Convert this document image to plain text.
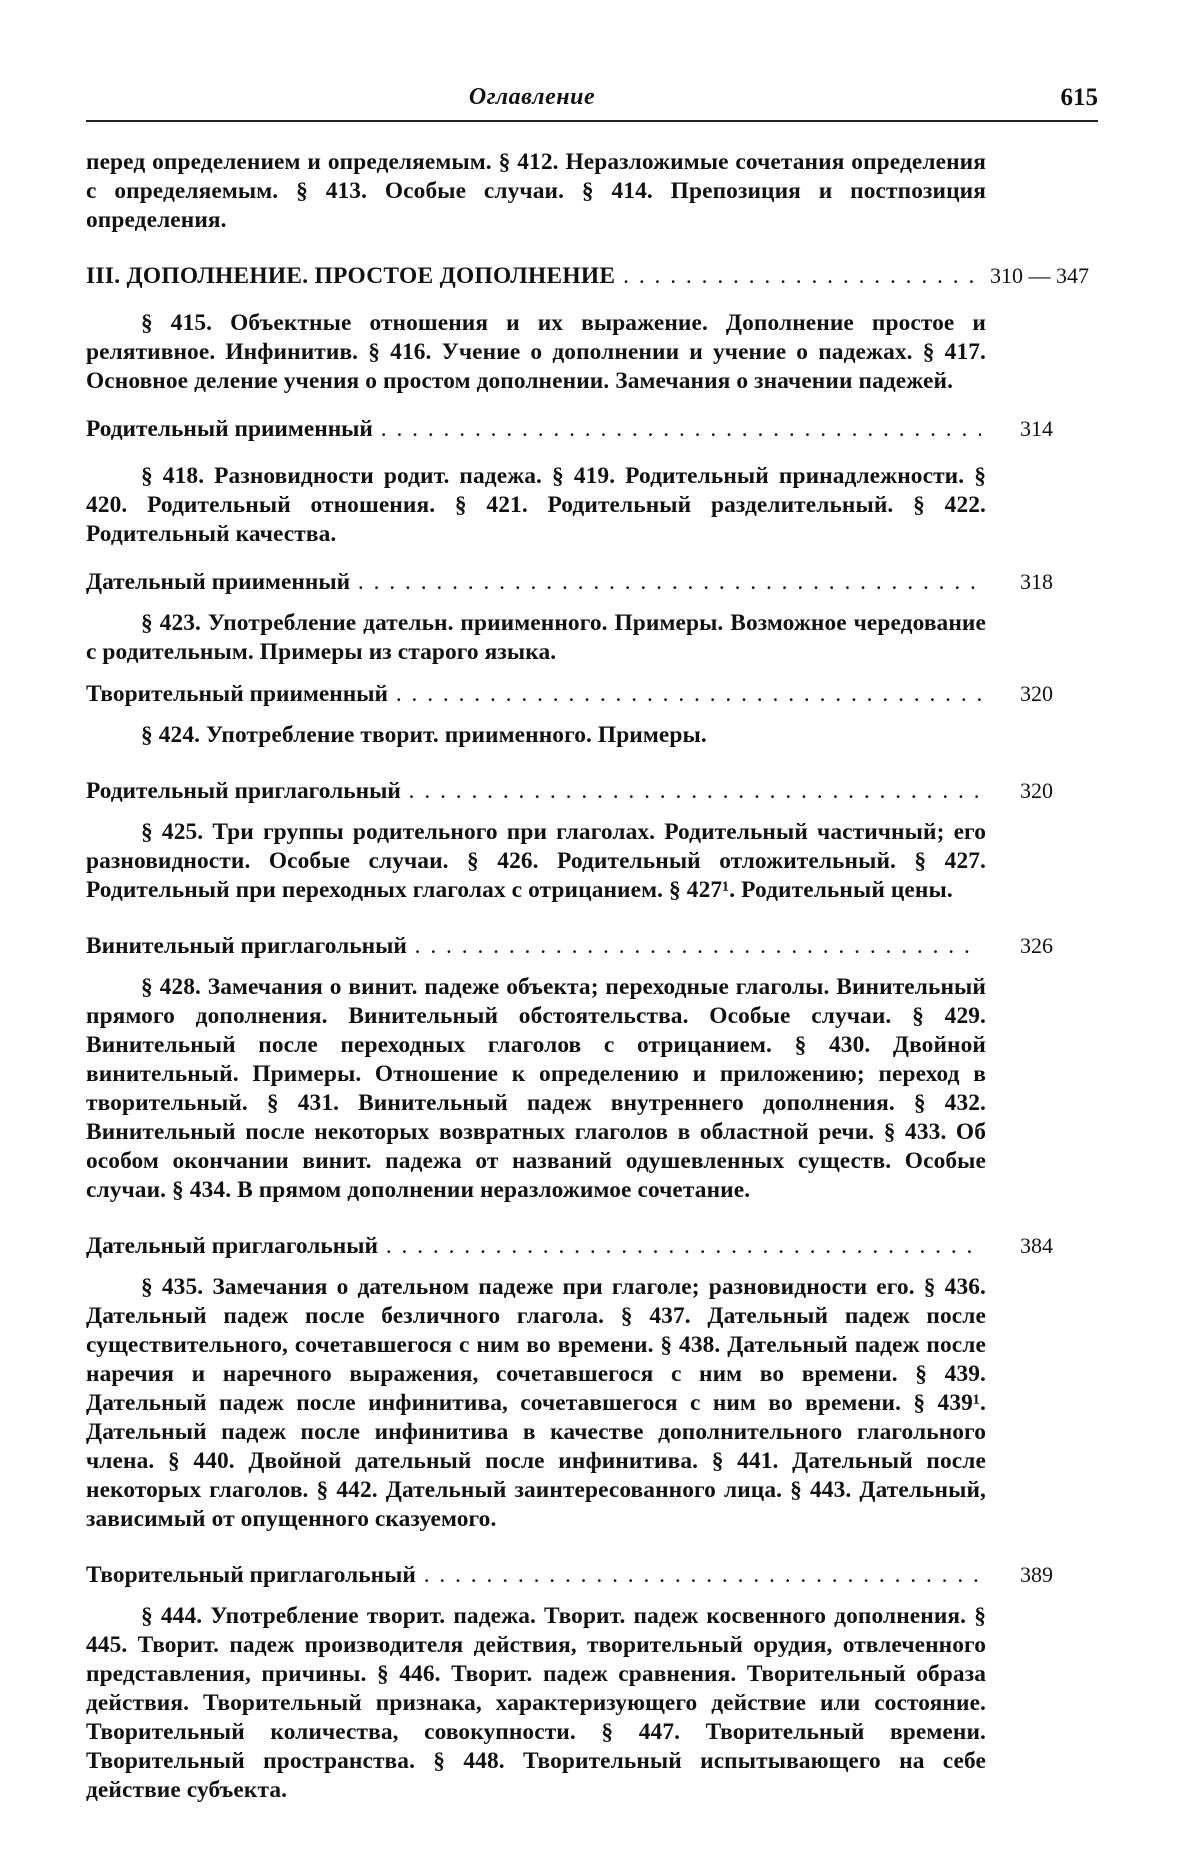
Оглавление	615

перед определением и определяемым. § 412. Неразложимые сочетания определения с определяемым. § 413. Особые случаи. § 414. Препозиция и постпозиция определения.

III. ДОПОЛНЕНИЕ. ПРОСТОЕ ДОПОЛНЕНИЕ . . .	310 — 347

§ 415. Объектные отношения и их выражение. Дополнение простое и релятивное. Инфинитив. § 416. Учение о дополнении и учение о падежах. § 417. Основное деление учения о простом дополнении. Замечания о значении падежей.

Родительный приименный . . .	314

§ 418. Разновидности родит. падежа. § 419. Родительный принадлежности. § 420. Родительный отношения. § 421. Родительный разделительный. § 422. Родительный качества.

Дательный приименный . . .	318

§ 423. Употребление дательн. приименного. Примеры. Возможное чередование с родительным. Примеры из старого языка.

Творительный приименный . . .	320

§ 424. Употребление творит. приименного. Примеры.

Родительный приглагольный . . .	320

§ 425. Три группы родительного при глаголах. Родительный частичный; его разновидности. Особые случаи. § 426. Родительный отложительный. § 427. Родительный при переходных глаголах с отрицанием. § 427¹. Родительный цены.

Винительный приглагольный . . .	326

§ 428. Замечания о винит. падеже объекта; переходные глаголы. Винительный прямого дополнения. Винительный обстоятельства. Особые случаи. § 429. Винительный после переходных глаголов с отрицанием. § 430. Двойной винительный. Примеры. Отношение к определению и приложению; переход в творительный. § 431. Винительный падеж внутреннего дополнения. § 432. Винительный после некоторых возвратных глаголов в областной речи. § 433. Об особом окончании винит. падежа от названий одушевленных существ. Особые случаи. § 434. В прямом дополнении неразложимое сочетание.

Дательный приглагольный . . .	384

§ 435. Замечания о дательном падеже при глаголе; разновидности его. § 436. Дательный падеж после безличного глагола. § 437. Дательный падеж после существительного, сочетавшегося с ним во времени. § 438. Дательный падеж после наречия и наречного выражения, сочетавшегося с ним во времени. § 439. Дательный падеж после инфинитива, сочетавшегося с ним во времени. § 439¹. Дательный падеж после инфинитива в качестве дополнительного глагольного члена. § 440. Двойной дательный после инфинитива. § 441. Дательный после некоторых глаголов. § 442. Дательный заинтересованного лица. § 443. Дательный, зависимый от опущенного сказуемого.

Творительный приглагольный . . .	389

§ 444. Употребление творит. падежа. Творит. падеж косвенного дополнения. § 445. Творит. падеж производителя действия, творительный орудия, отвлеченного представления, причины. § 446. Творит. падеж сравнения. Творительный образа действия. Творительный признака, характеризующего действие или состояние. Творительный количества, совокупности. § 447. Творительный времени. Творительный пространства. § 448. Творительный испытывающего на себе действие субъекта.
